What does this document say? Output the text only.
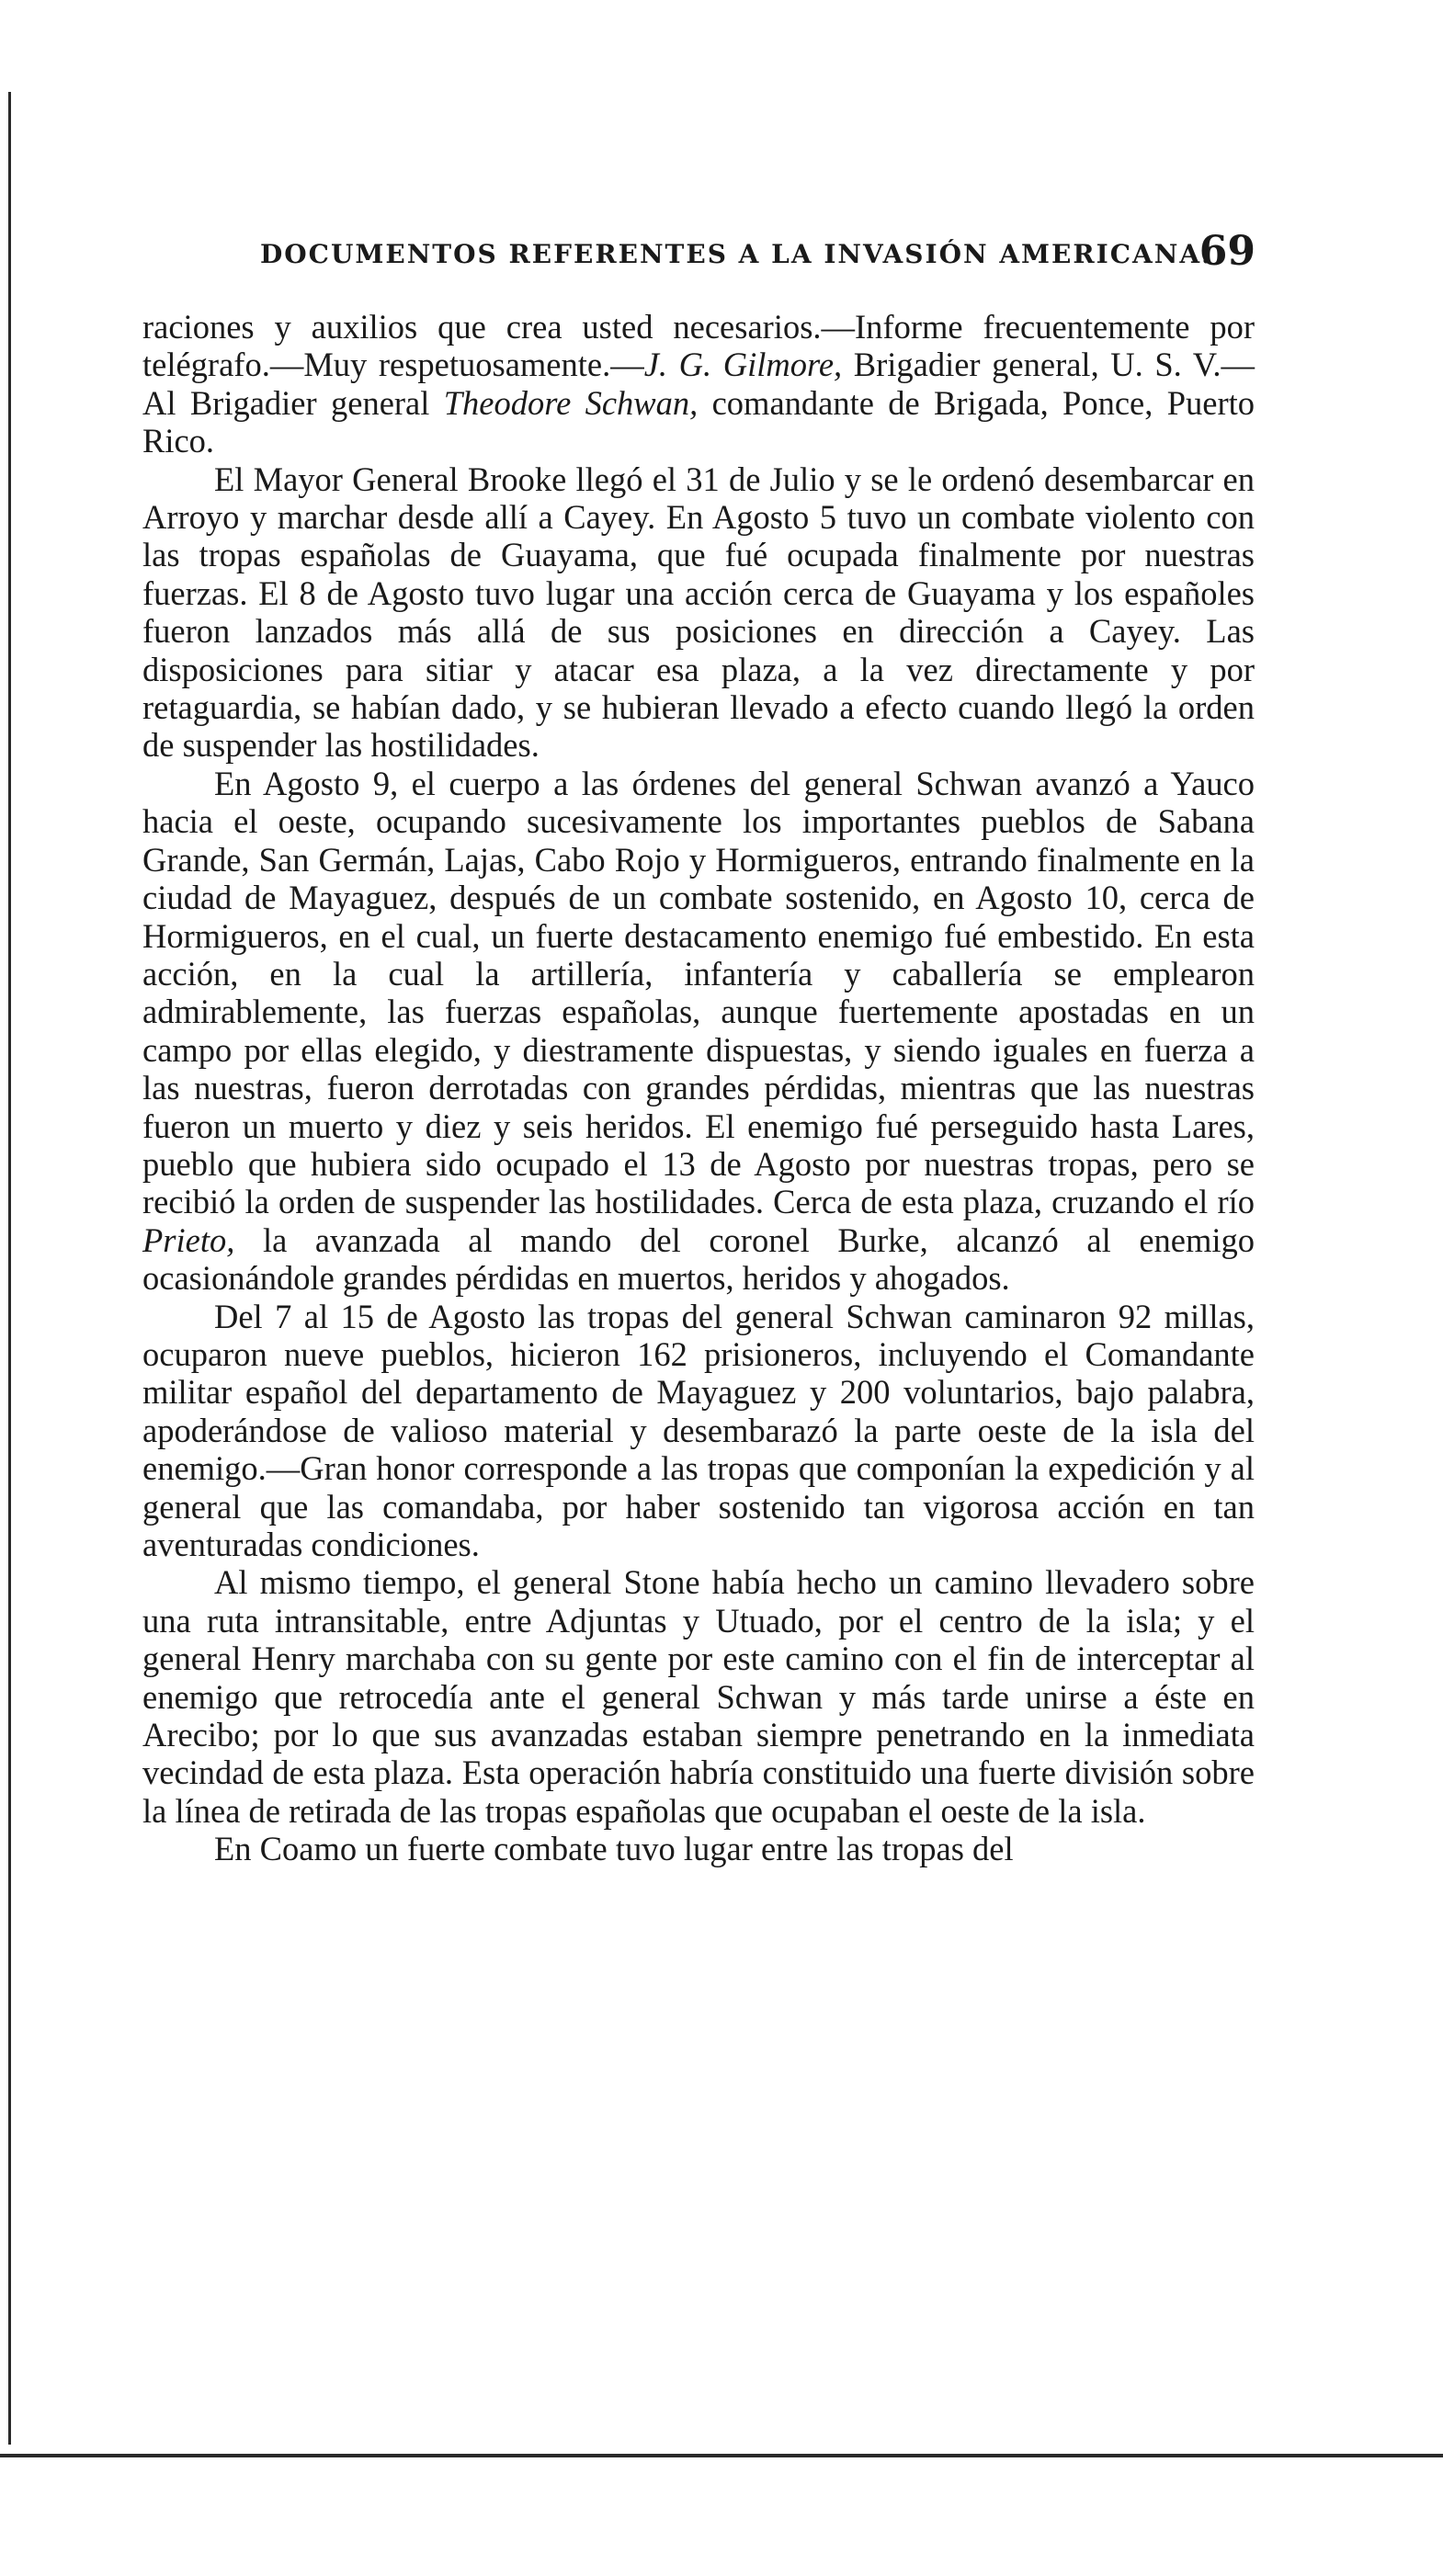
DOCUMENTOS REFERENTES A LA INVASIÓN AMERICANA.
69

raciones y auxilios que crea usted necesarios.—Informe frecuentemente por telégrafo.—Muy respetuosamente.—J. G. Gilmore, Brigadier general, U. S. V.—Al Brigadier general Theodore Schwan, comandante de Brigada, Ponce, Puerto Rico.

El Mayor General Brooke llegó el 31 de Julio y se le ordenó desembarcar en Arroyo y marchar desde allí a Cayey. En Agosto 5 tuvo un combate violento con las tropas españolas de Guayama, que fué ocupada finalmente por nuestras fuerzas. El 8 de Agosto tuvo lugar una acción cerca de Guayama y los españoles fueron lanzados más allá de sus posiciones en dirección a Cayey. Las disposiciones para sitiar y atacar esa plaza, a la vez directamente y por retaguardia, se habían dado, y se hubieran llevado a efecto cuando llegó la orden de suspender las hostilidades.

En Agosto 9, el cuerpo a las órdenes del general Schwan avanzó a Yauco hacia el oeste, ocupando sucesivamente los importantes pueblos de Sabana Grande, San Germán, Lajas, Cabo Rojo y Hormigueros, entrando finalmente en la ciudad de Mayaguez, después de un combate sostenido, en Agosto 10, cerca de Hormigueros, en el cual, un fuerte destacamento enemigo fué embestido. En esta acción, en la cual la artillería, infantería y caballería se emplearon admirablemente, las fuerzas españolas, aunque fuertemente apostadas en un campo por ellas elegido, y diestramente dispuestas, y siendo iguales en fuerza a las nuestras, fueron derrotadas con grandes pérdidas, mientras que las nuestras fueron un muerto y diez y seis heridos. El enemigo fué perseguido hasta Lares, pueblo que hubiera sido ocupado el 13 de Agosto por nuestras tropas, pero se recibió la orden de suspender las hostilidades. Cerca de esta plaza, cruzando el río Prieto, la avanzada al mando del coronel Burke, alcanzó al enemigo ocasionándole grandes pérdidas en muertos, heridos y ahogados.

Del 7 al 15 de Agosto las tropas del general Schwan caminaron 92 millas, ocuparon nueve pueblos, hicieron 162 prisioneros, incluyendo el Comandante militar español del departamento de Mayaguez y 200 voluntarios, bajo palabra, apoderándose de valioso material y desembarazó la parte oeste de la isla del enemigo.—Gran honor corresponde a las tropas que componían la expedición y al general que las comandaba, por haber sostenido tan vigorosa acción en tan aventuradas condiciones.

Al mismo tiempo, el general Stone había hecho un camino llevadero sobre una ruta intransitable, entre Adjuntas y Utuado, por el centro de la isla; y el general Henry marchaba con su gente por este camino con el fin de interceptar al enemigo que retrocedía ante el general Schwan y más tarde unirse a éste en Arecibo; por lo que sus avanzadas estaban siempre penetrando en la inmediata vecindad de esta plaza. Esta operación habría constituido una fuerte división sobre la línea de retirada de las tropas españolas que ocupaban el oeste de la isla.

En Coamo un fuerte combate tuvo lugar entre las tropas del
